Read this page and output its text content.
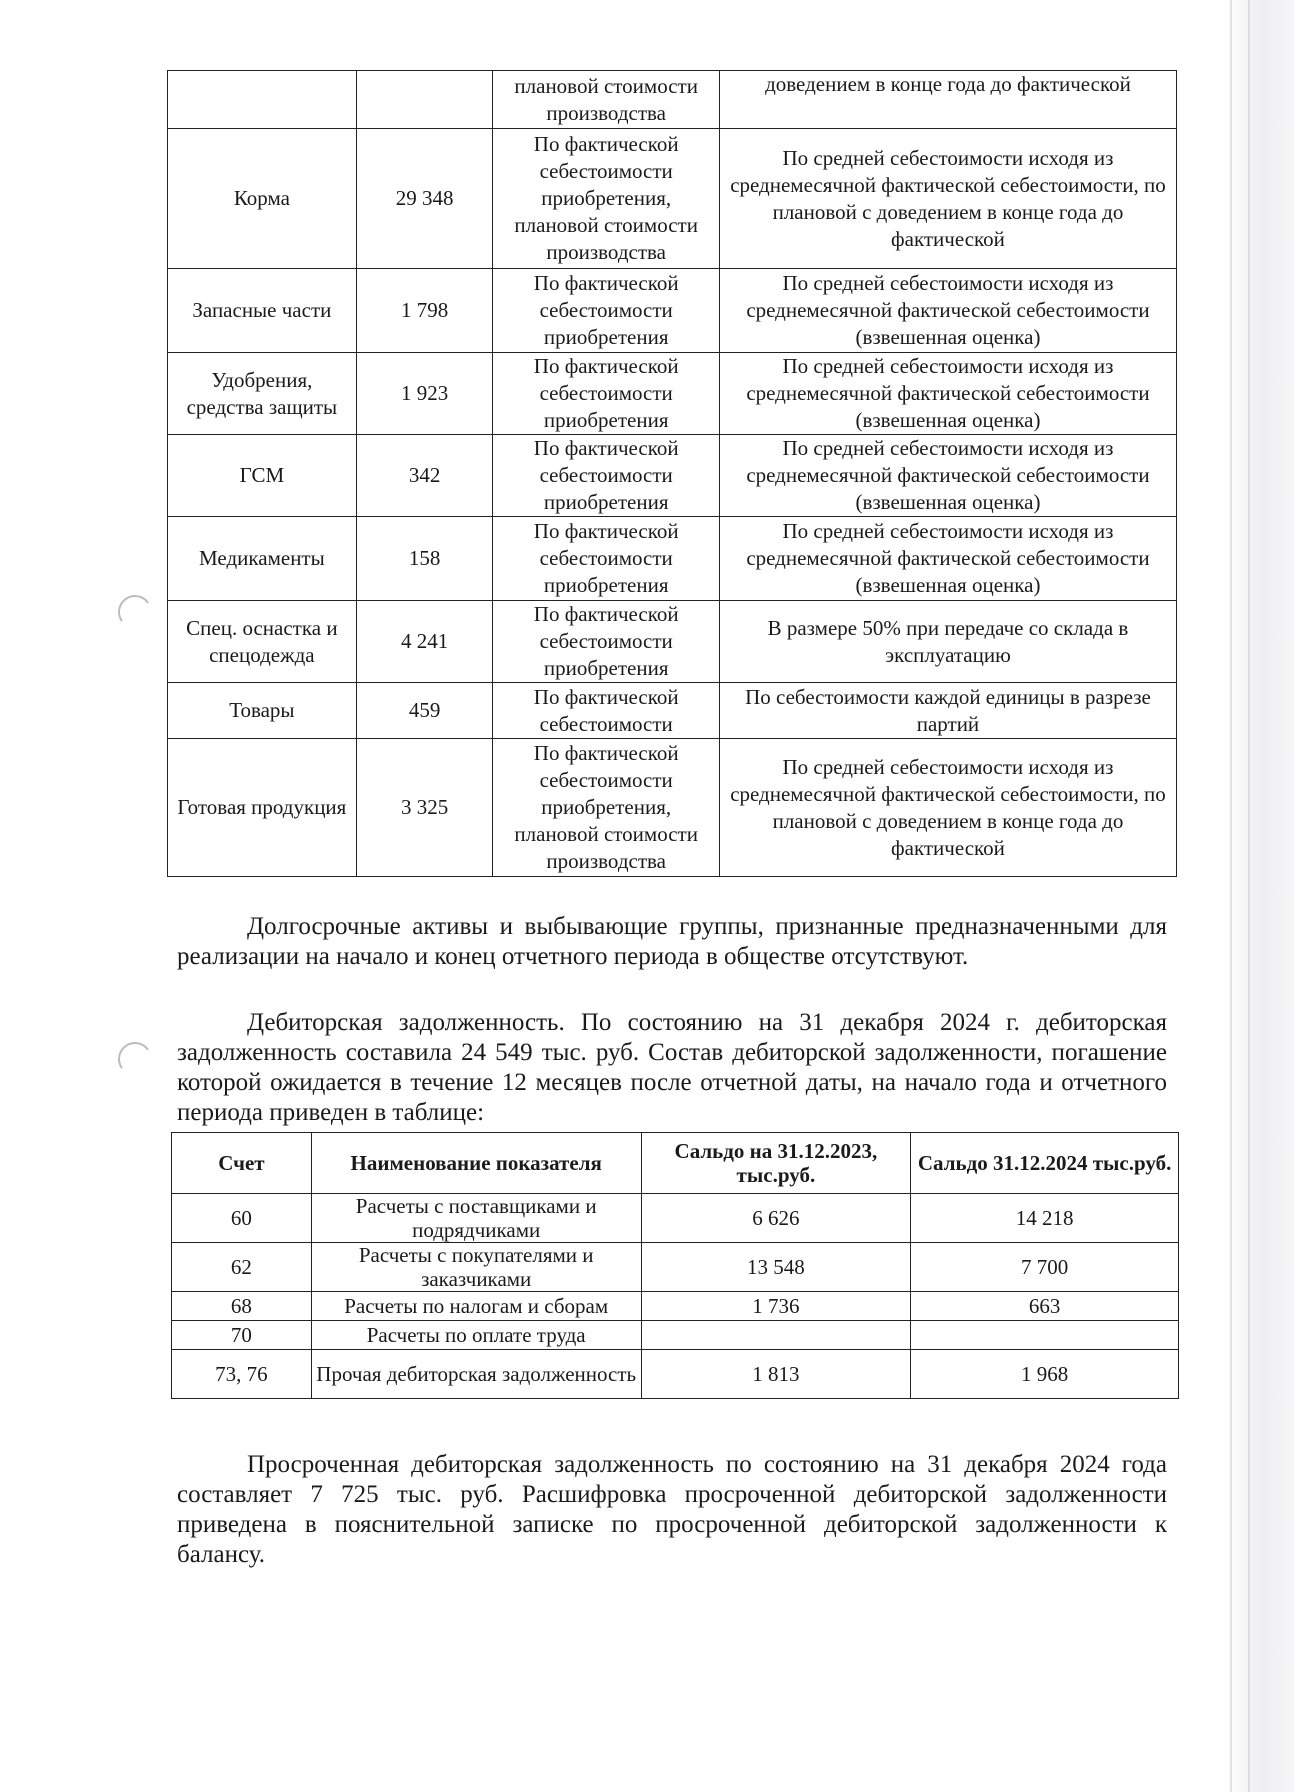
		плановой стоимости производства	доведением в конце года до фактической
Корма	29 348	По фактической себестоимости приобретения, плановой стоимости производства	По средней себестоимости исходя из среднемесячной фактической себестоимости, по плановой с доведением в конце года до фактической
Запасные части	1 798	По фактической себестоимости приобретения	По средней себестоимости исходя из среднемесячной фактической себестоимости (взвешенная оценка)
Удобрения, средства защиты	1 923	По фактической себестоимости приобретения	По средней себестоимости исходя из среднемесячной фактической себестоимости (взвешенная оценка)
ГСМ	342	По фактической себестоимости приобретения	По средней себестоимости исходя из среднемесячной фактической себестоимости (взвешенная оценка)
Медикаменты	158	По фактической себестоимости приобретения	По средней себестоимости исходя из среднемесячной фактической себестоимости (взвешенная оценка)
Спец. оснастка и спецодежда	4 241	По фактической себестоимости приобретения	В размере 50% при передаче со склада в эксплуатацию
Товары	459	По фактической себестоимости	По себестоимости каждой единицы в разрезе партий
Готовая продукция	3 325	По фактической себестоимости приобретения, плановой стоимости производства	По средней себестоимости исходя из среднемесячной фактической себестоимости, по плановой с доведением в конце года до фактической

Долгосрочные активы и выбывающие группы, признанные предназначенными для реализации на начало и конец отчетного периода в обществе отсутствуют.

Дебиторская задолженность. По состоянию на 31 декабря 2024 г. дебиторская задолженность составила 24 549 тыс. руб. Состав дебиторской задолженности, погашение которой ожидается в течение 12 месяцев после отчетной даты, на начало года и отчетного периода приведен в таблице:

Счет	Наименование показателя	Сальдо на 31.12.2023, тыс.руб.	Сальдо 31.12.2024 тыс.руб.
60	Расчеты с поставщиками и подрядчиками	6 626	14 218
62	Расчеты с покупателями и заказчиками	13 548	7 700
68	Расчеты по налогам и сборам	1 736	663
70	Расчеты по оплате труда		
73, 76	Прочая дебиторская задолженность	1 813	1 968

Просроченная дебиторская задолженность по состоянию на 31 декабря 2024 года составляет 7 725 тыс. руб. Расшифровка просроченной дебиторской задолженности приведена в пояснительной записке по просроченной дебиторской задолженности к балансу.
